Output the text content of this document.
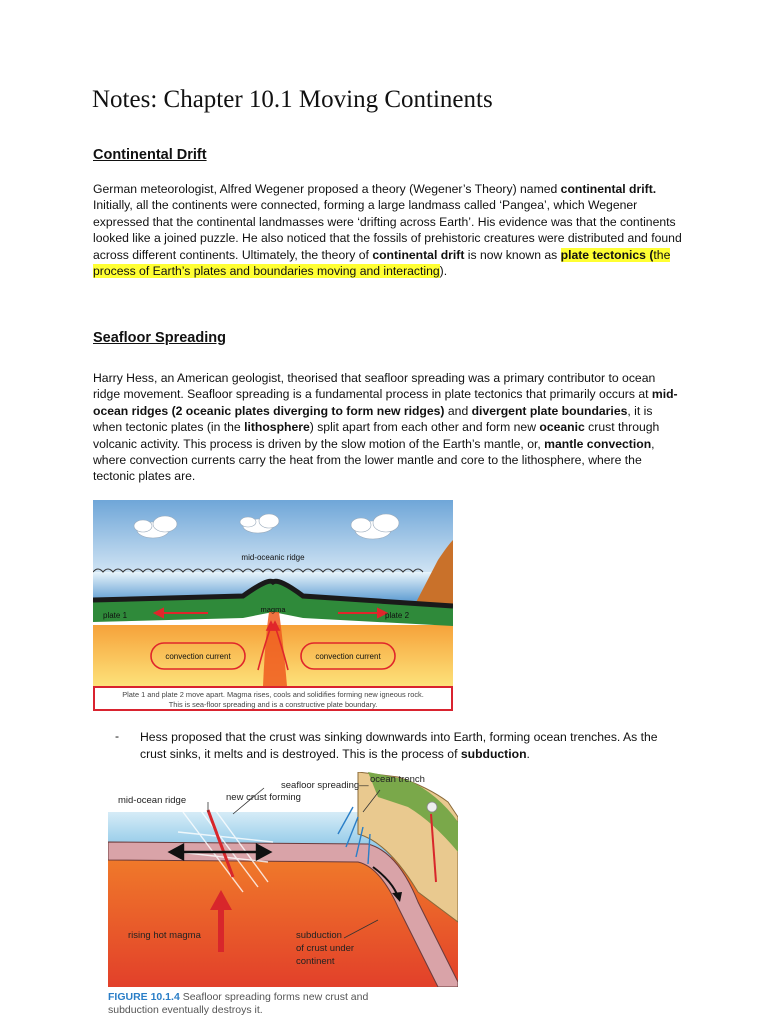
Notes: Chapter 10.1 Moving Continents
Continental Drift
German meteorologist, Alfred Wegener proposed a theory (Wegener’s Theory) named continental drift. Initially, all the continents were connected, forming a large landmass called ‘Pangea’, which Wegener expressed that the continental landmasses were ‘drifting across Earth’. His evidence was that the continents looked like a joined puzzle. He also noticed that the fossils of prehistoric creatures were distributed and found across different continents. Ultimately, the theory of continental drift is now known as plate tectonics (the process of Earth’s plates and boundaries moving and interacting).
Seafloor Spreading
Harry Hess, an American geologist, theorised that seafloor spreading was a primary contributor to ocean ridge movement. Seafloor spreading is a fundamental process in plate tectonics that primarily occurs at mid-ocean ridges (2 oceanic plates diverging to form new ridges) and divergent plate boundaries, it is when tectonic plates (in the lithosphere) split apart from each other and form new oceanic crust through volcanic activity. This process is driven by the slow motion of the Earth’s mantle, or, mantle convection, where convection currents carry the heat from the lower mantle and core to the lithosphere, where the tectonic plates are.
mid-oceanic ridge
magma
plate 1	plate 2
convection current	convection current
Plate 1 and plate 2 move apart. Magma rises, cools and solidifies forming new igneous rock.
This is sea-floor spreading and is a constructive plate boundary.
- Hess proposed that the crust was sinking downwards into Earth, forming ocean trenches. As the crust sinks, it melts and is destroyed. This is the process of subduction.
seafloor spreading—
new crust forming
mid-ocean ridge
ocean trench
rising hot magma	subduction
of crust under
continent
FIGURE 10.1.4 Seafloor spreading forms new crust and
subduction eventually destroys it.
